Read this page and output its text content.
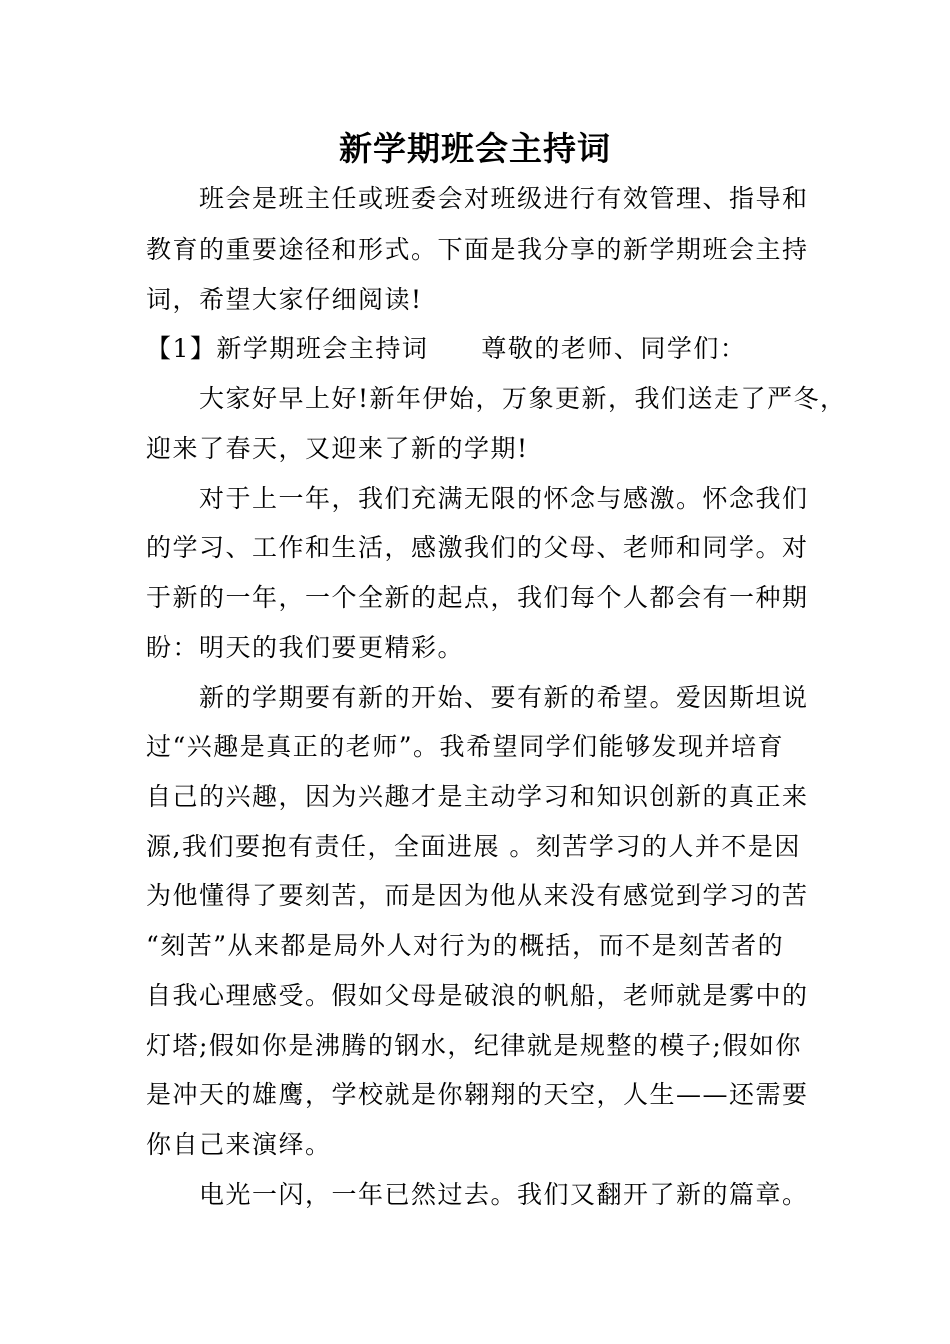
新学期班会主持词
　　班会是班主任或班委会对班级进行有效管理、指导和
教育的重要途径和形式。下面是我分享的新学期班会主持
词，希望大家仔细阅读!
【1】新学期班会主持词　　尊敬的老师、同学们：
　　大家好早上好!新年伊始，万象更新，我们送走了严冬，
迎来了春天，又迎来了新的学期!
　　对于上一年，我们充满无限的怀念与感激。怀念我们
的学习、工作和生活，感激我们的父母、老师和同学。对
于新的一年，一个全新的起点，我们每个人都会有一种期
盼：明天的我们要更精彩。
　　新的学期要有新的开始、要有新的希望。爱因斯坦说
过“兴趣是真正的老师”。我希望同学们能够发现并培育
自己的兴趣，因为兴趣才是主动学习和知识创新的真正来
源,我们要抱有责任，全面进展 。刻苦学习的人并不是因
为他懂得了要刻苦，而是因为他从来没有感觉到学习的苦
“刻苦”从来都是局外人对行为的概括，而不是刻苦者的
自我心理感受。假如父母是破浪的帆船，老师就是雾中的
灯塔;假如你是沸腾的钢水，纪律就是规整的模子;假如你
是冲天的雄鹰，学校就是你翱翔的天空，人生——还需要
你自己来演绎。
　　电光一闪，一年已然过去。我们又翻开了新的篇章。
